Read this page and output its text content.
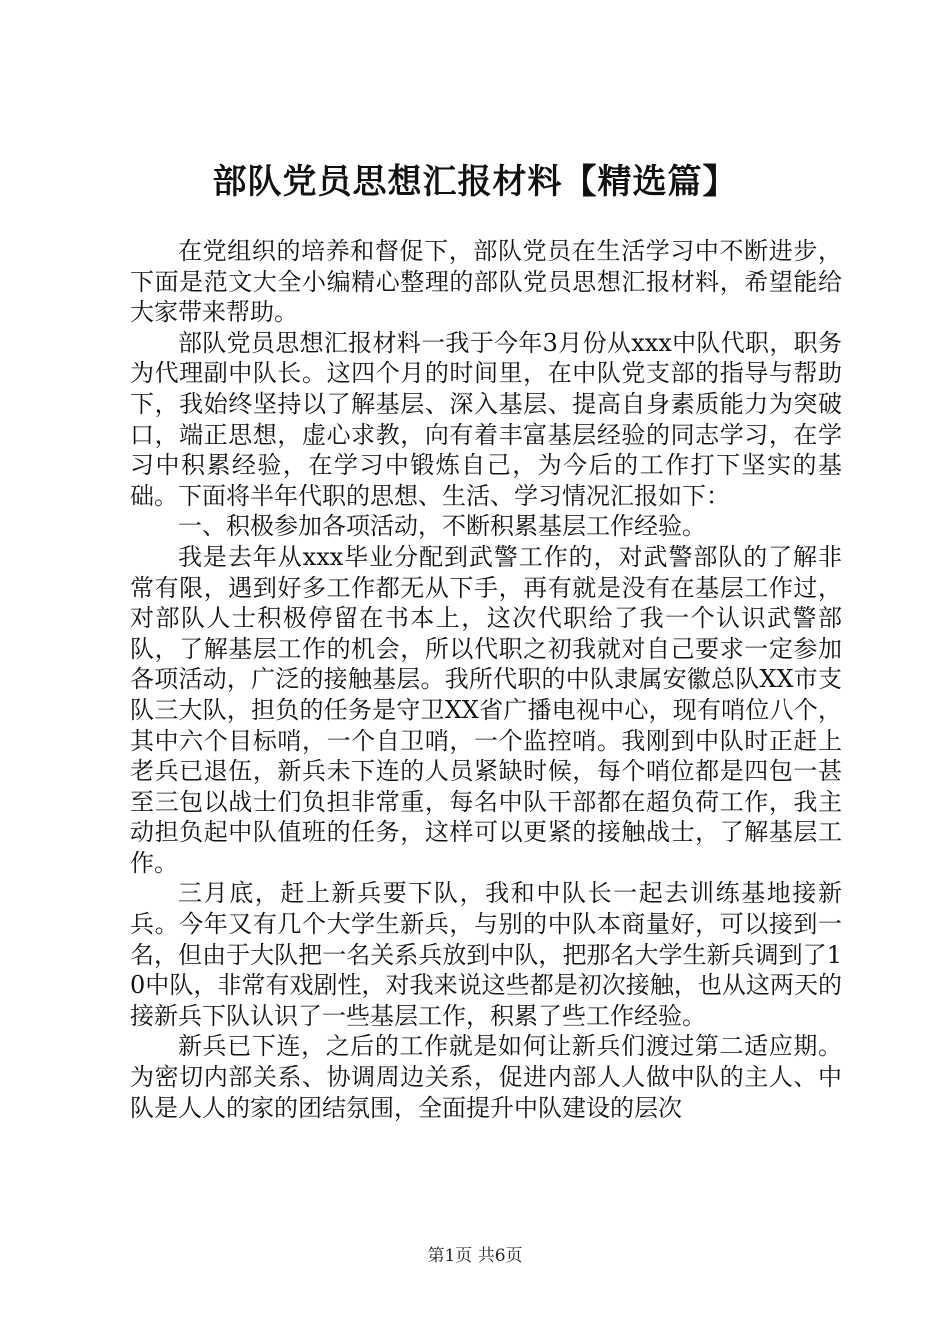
部队党员思想汇报材料【精选篇】

在党组织的培养和督促下，部队党员在生活学习中不断进步，下面是范文大全小编精心整理的部队党员思想汇报材料，希望能给大家带来帮助。

部队党员思想汇报材料一我于今年3月份从xxx中队代职，职务为代理副中队长。这四个月的时间里，在中队党支部的指导与帮助下，我始终坚持以了解基层、深入基层、提高自身素质能力为突破口，端正思想，虚心求教，向有着丰富基层经验的同志学习，在学习中积累经验，在学习中锻炼自己，为今后的工作打下坚实的基础。下面将半年代职的思想、生活、学习情况汇报如下：

一、积极参加各项活动，不断积累基层工作经验。

我是去年从xxx毕业分配到武警工作的，对武警部队的了解非常有限，遇到好多工作都无从下手，再有就是没有在基层工作过，对部队人士积极停留在书本上，这次代职给了我一个认识武警部队，了解基层工作的机会，所以代职之初我就对自己要求一定参加各项活动，广泛的接触基层。我所代职的中队隶属安徽总队XX市支队三大队，担负的任务是守卫XX省广播电视中心，现有哨位八个，其中六个目标哨，一个自卫哨，一个监控哨。我刚到中队时正赶上老兵已退伍，新兵未下连的人员紧缺时候，每个哨位都是四包一甚至三包以战士们负担非常重，每名中队干部都在超负荷工作，我主动担负起中队值班的任务，这样可以更紧的接触战士，了解基层工作。

三月底，赶上新兵要下队，我和中队长一起去训练基地接新兵。今年又有几个大学生新兵，与别的中队本商量好，可以接到一名，但由于大队把一名关系兵放到中队，把那名大学生新兵调到了10中队，非常有戏剧性，对我来说这些都是初次接触，也从这两天的接新兵下队认识了一些基层工作，积累了些工作经验。

新兵已下连，之后的工作就是如何让新兵们渡过第二适应期。为密切内部关系、协调周边关系，促进内部人人做中队的主人、中队是人人的家的团结氛围，全面提升中队建设的层次

第1页 共6页
